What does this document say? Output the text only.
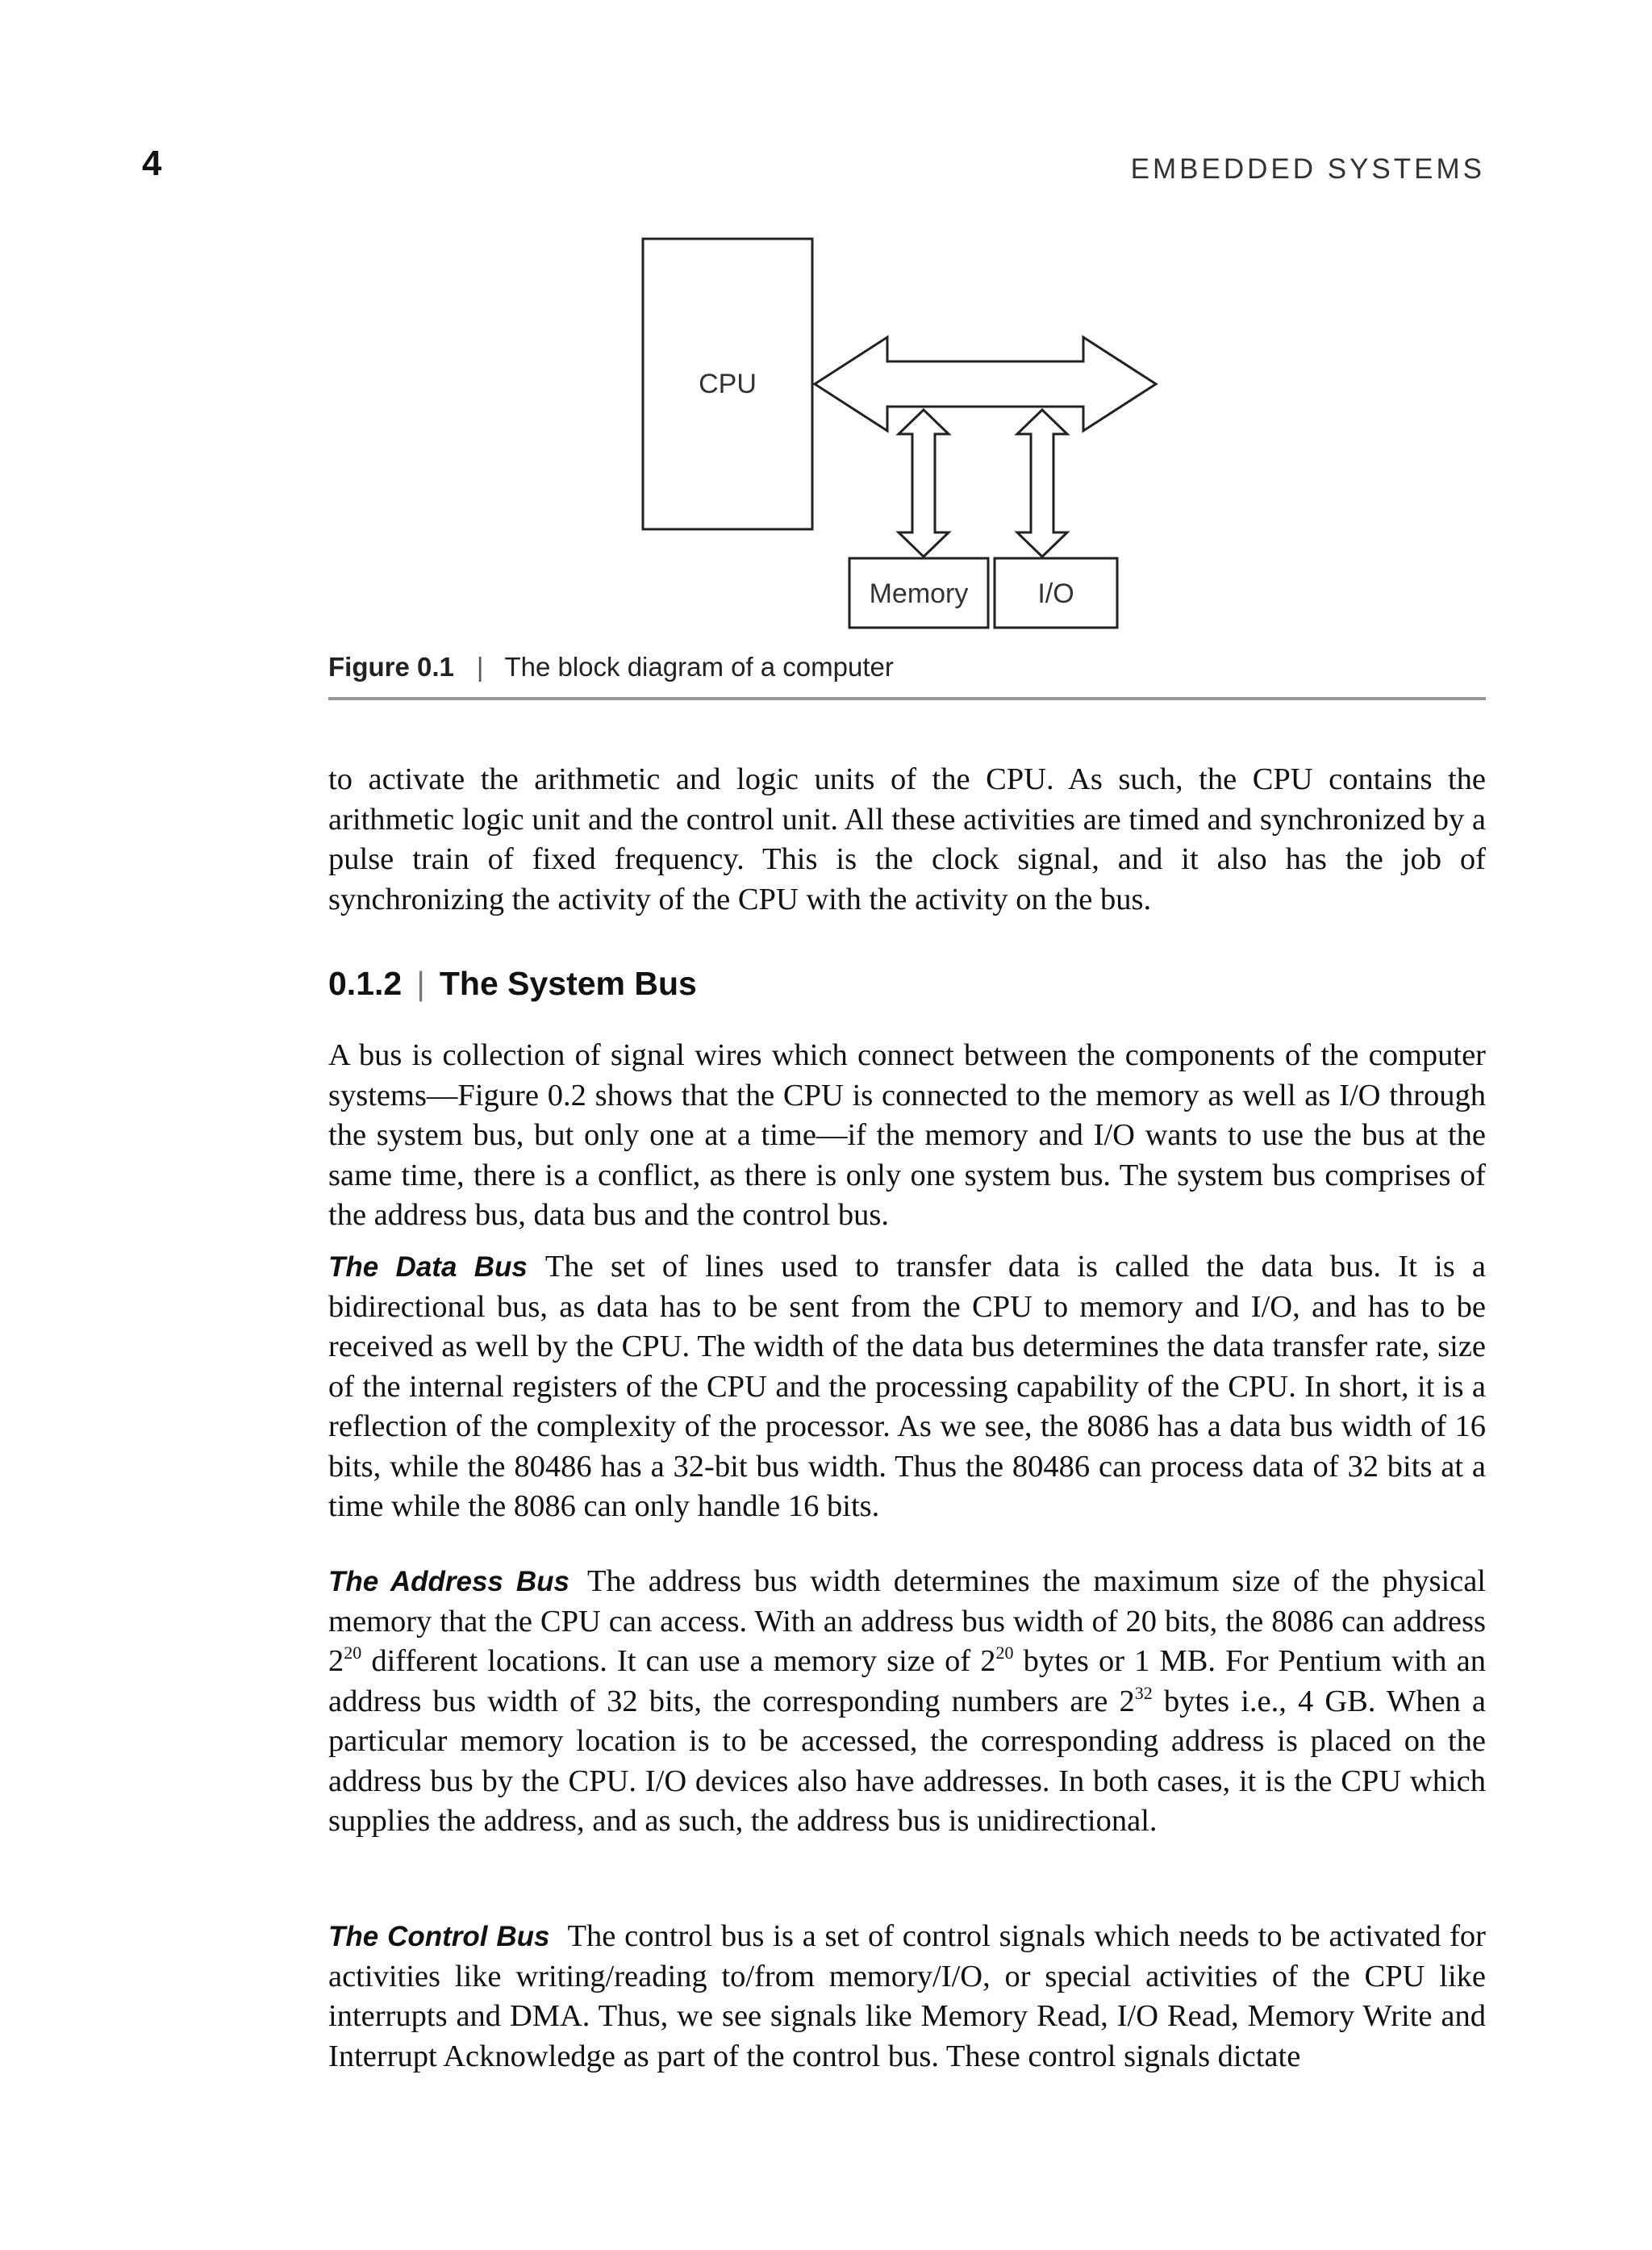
4	EMBEDDED SYSTEMS
CPU
Memory	I/O
Figure 0.1 | The block diagram of a computer

to activate the arithmetic and logic units of the CPU. As such, the CPU contains the arithmetic logic unit and the control unit. All these activities are timed and synchronized by a pulse train of fixed frequency. This is the clock signal, and it also has the job of synchronizing the activity of the CPU with the activity on the bus.

0.1.2 | The System Bus

A bus is collection of signal wires which connect between the components of the computer systems—Figure 0.2 shows that the CPU is connected to the memory as well as I/O through the system bus, but only one at a time—if the memory and I/O wants to use the bus at the same time, there is a conflict, as there is only one system bus. The system bus comprises of the address bus, data bus and the control bus.

The Data Bus The set of lines used to transfer data is called the data bus. It is a bidirectional bus, as data has to be sent from the CPU to memory and I/O, and has to be received as well by the CPU. The width of the data bus determines the data transfer rate, size of the internal registers of the CPU and the processing capability of the CPU. In short, it is a reflection of the complexity of the processor. As we see, the 8086 has a data bus width of 16 bits, while the 80486 has a 32-bit bus width. Thus the 80486 can process data of 32 bits at a time while the 8086 can only handle 16 bits.

The Address Bus The address bus width determines the maximum size of the physical memory that the CPU can access. With an address bus width of 20 bits, the 8086 can address $2^{20}$ different locations. It can use a memory size of $2^{20}$ bytes or 1 MB. For Pentium with an address bus width of 32 bits, the corresponding numbers are $2^{32}$ bytes i.e., 4 GB. When a particular memory location is to be accessed, the corresponding address is placed on the address bus by the CPU. I/O devices also have addresses. In both cases, it is the CPU which supplies the address, and as such, the address bus is unidirectional.

The Control Bus The control bus is a set of control signals which needs to be activated for activities like writing/reading to/from memory/I/O, or special activities of the CPU like interrupts and DMA. Thus, we see signals like Memory Read, I/O Read, Memory Write and Interrupt Acknowledge as part of the control bus. These control signals dictate
